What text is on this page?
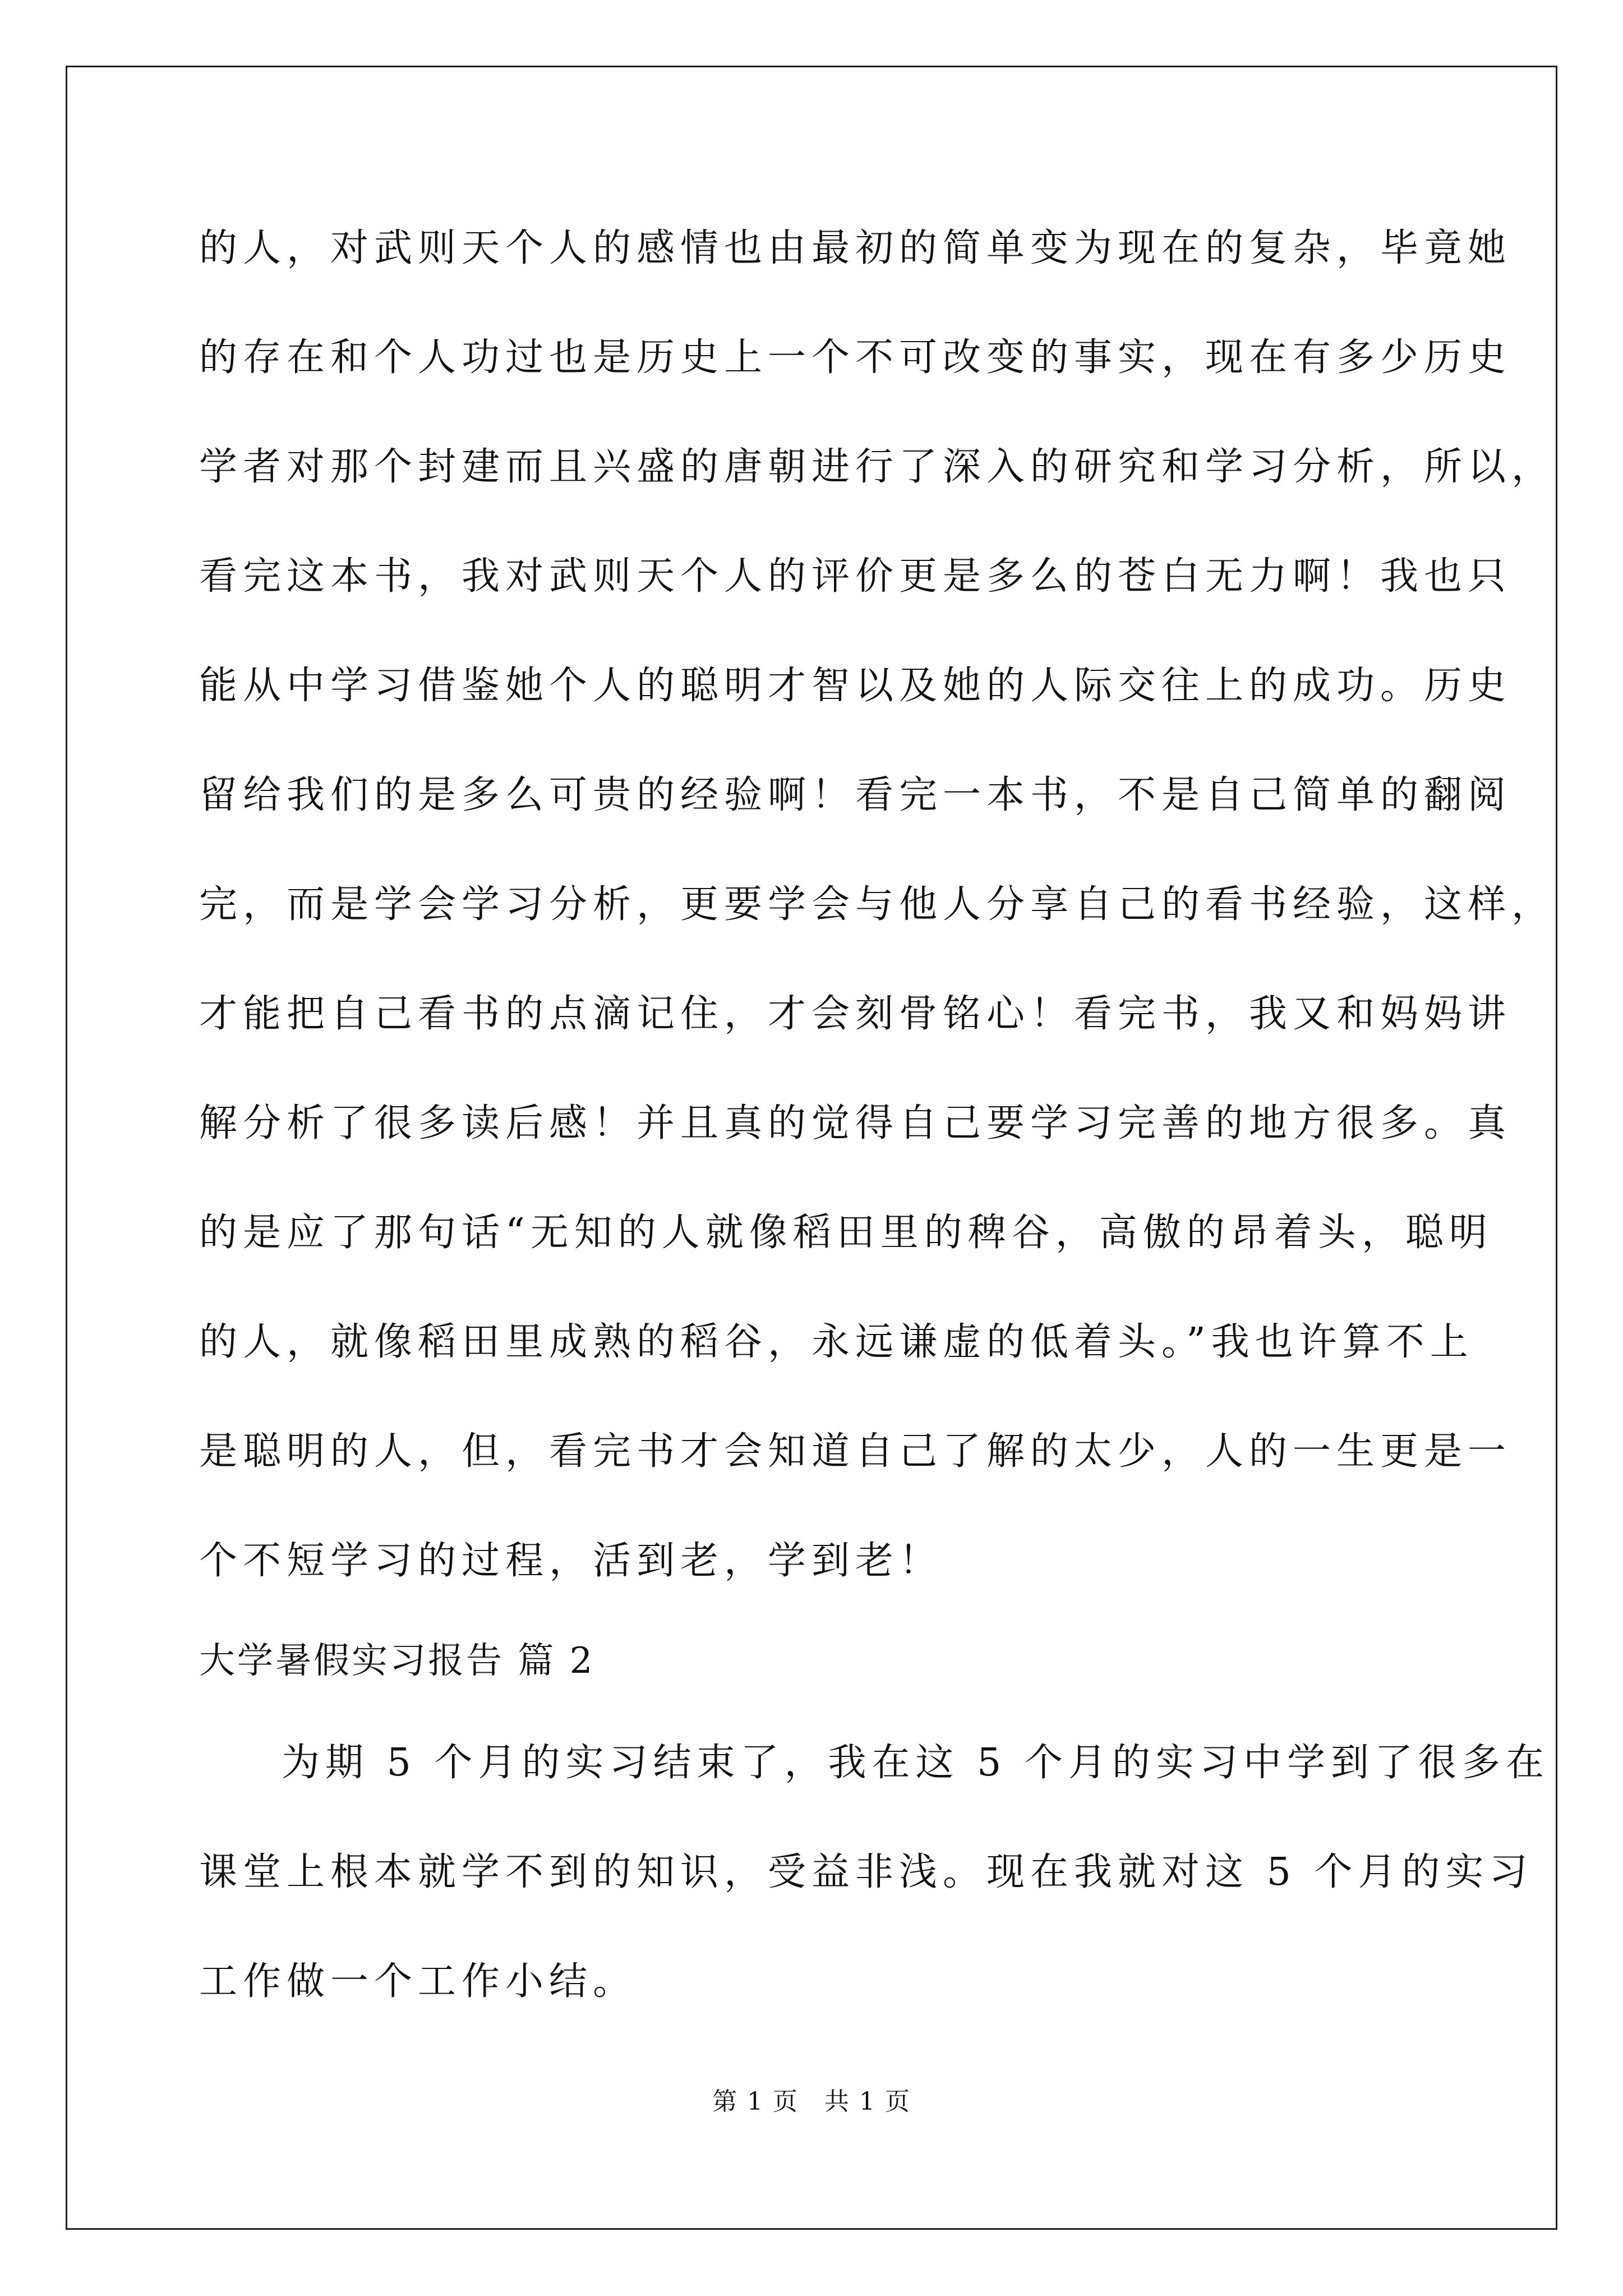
的人，对武则天个人的感情也由最初的简单变为现在的复杂，毕竟她

的存在和个人功过也是历史上一个不可改变的事实，现在有多少历史

学者对那个封建而且兴盛的唐朝进行了深入的研究和学习分析，所以，

看完这本书，我对武则天个人的评价更是多么的苍白无力啊！我也只

能从中学习借鉴她个人的聪明才智以及她的人际交往上的成功。历史

留给我们的是多么可贵的经验啊！看完一本书，不是自己简单的翻阅

完，而是学会学习分析，更要学会与他人分享自己的看书经验，这样，

才能把自己看书的点滴记住，才会刻骨铭心！看完书，我又和妈妈讲

解分析了很多读后感！并且真的觉得自己要学习完善的地方很多。真

的是应了那句话“无知的人就像稻田里的稗谷，高傲的昂着头，聪明

的人，就像稻田里成熟的稻谷，永远谦虚的低着头。”我也许算不上

是聪明的人，但，看完书才会知道自己了解的太少，人的一生更是一

个不短学习的过程，活到老，学到老！

大学暑假实习报告 篇 2

为期 5 个月的实习结束了，我在这 5 个月的实习中学到了很多在

课堂上根本就学不到的知识，受益非浅。现在我就对这 5 个月的实习

工作做一个工作小结。

第 1 页　共 1 页
